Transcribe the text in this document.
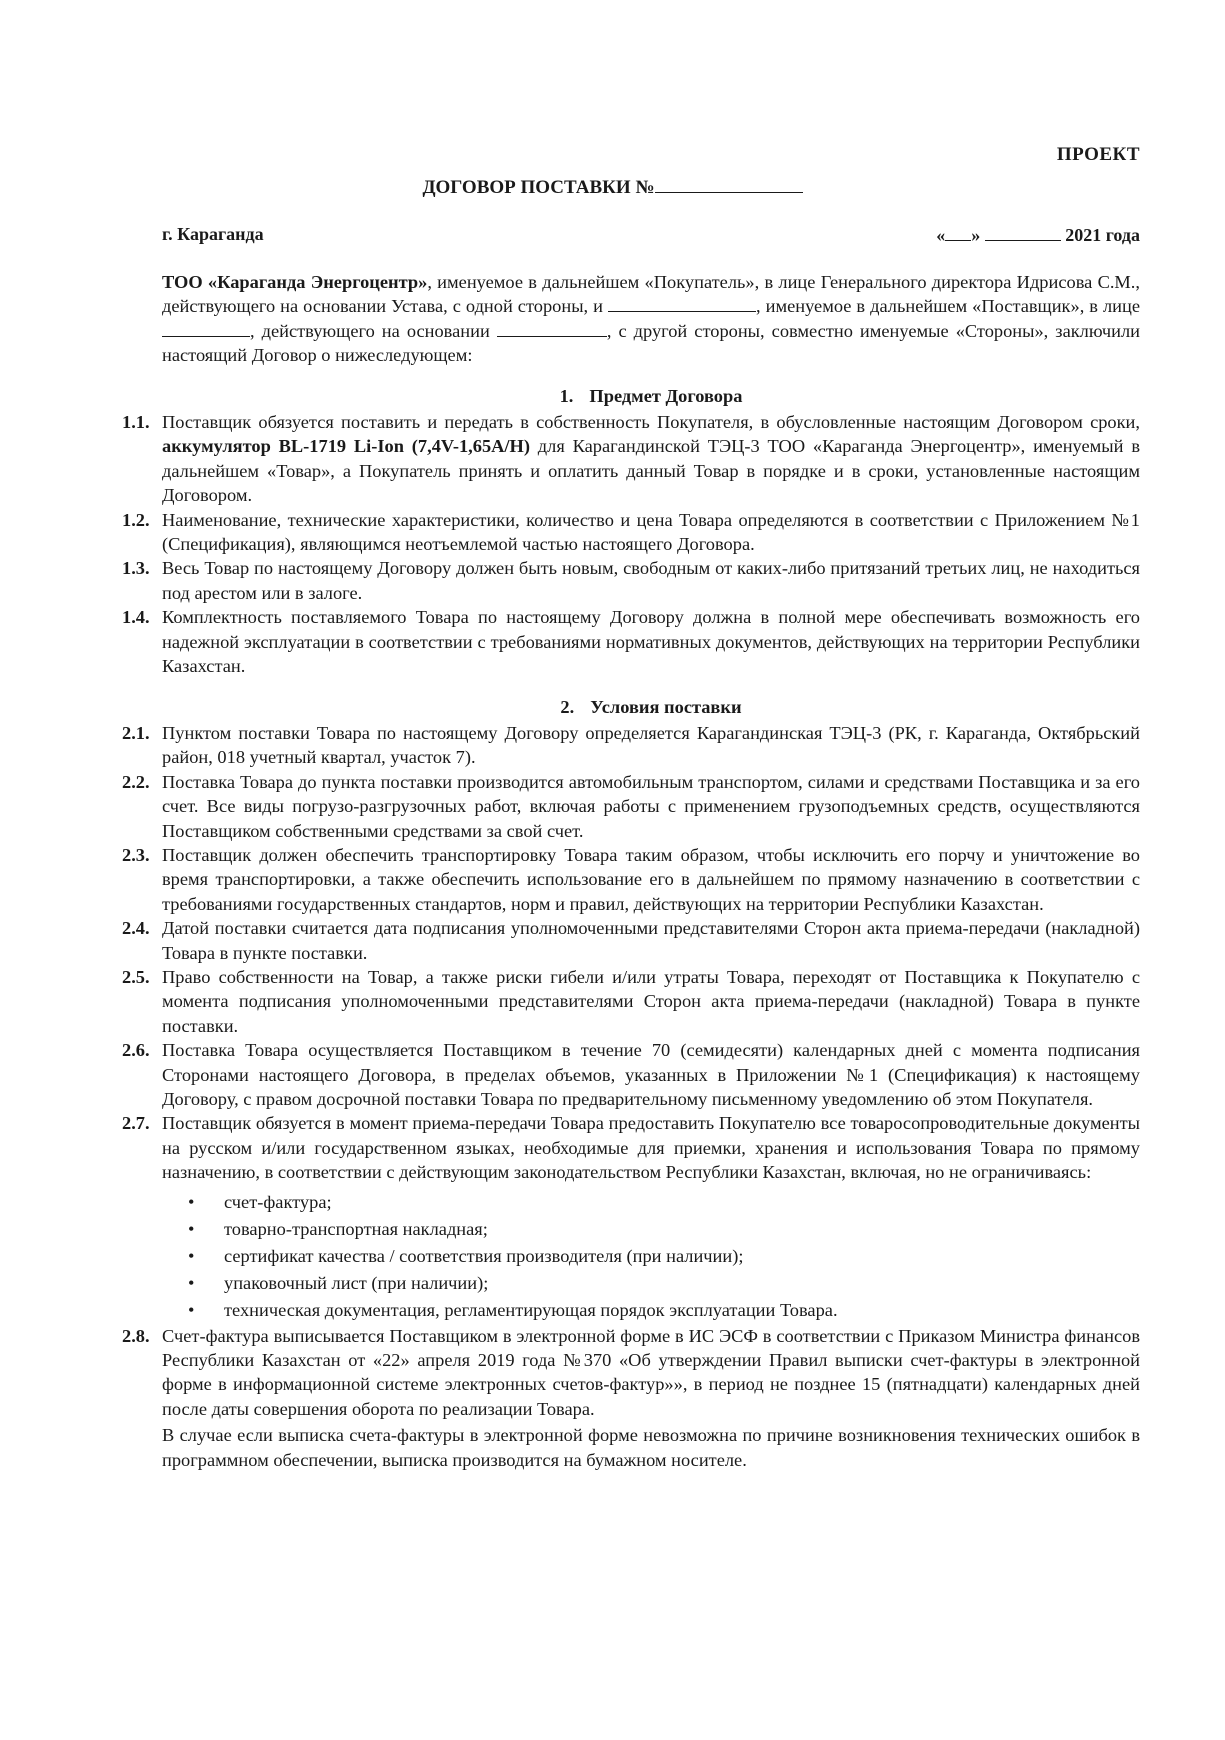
ПРОЕКТ
ДОГОВОР ПОСТАВКИ №
г. Караганда	« »	2021 года

ТОО «Караганда Энергоцентр», именуемое в дальнейшем «Покупатель», в лице Генерального директора Идрисова С.М., действующего на основании Устава, с одной стороны, и	, именуемое в дальнейшем «Поставщик», в лице , действующего на основании	, с другой стороны, совместно именуемые «Стороны», заключили настоящий Договор о нижеследующем:

1. Предмет Договора
1.1. Поставщик обязуется поставить и передать в собственность Покупателя, в обусловленные настоящим Договором сроки, аккумулятор BL-1719 Li-Ion (7,4V-1,65A/H) для Карагандинской ТЭЦ-3 ТОО «Караганда Энергоцентр», именуемый в дальнейшем «Товар», а Покупатель принять и оплатить данный Товар в порядке и в сроки, установленные настоящим Договором.
1.2. Наименование, технические характеристики, количество и цена Товара определяются в соответствии с Приложением №1 (Спецификация), являющимся неотъемлемой частью настоящего Договора.
1.3. Весь Товар по настоящему Договору должен быть новым, свободным от каких-либо притязаний третьих лиц, не находиться под арестом или в залоге.
1.4. Комплектность поставляемого Товара по настоящему Договору должна в полной мере обеспечивать возможность его надежной эксплуатации в соответствии с требованиями нормативных документов, действующих на территории Республики Казахстан.
2. Условия поставки
2.1. Пунктом поставки Товара по настоящему Договору определяется Карагандинская ТЭЦ-3 (РК, г. Караганда, Октябрьский район, 018 учетный квартал, участок 7).
2.2. Поставка Товара до пункта поставки производится автомобильным транспортом, силами и средствами Поставщика и за его счет. Все виды погрузо-разгрузочных работ, включая работы с применением грузоподъемных средств, осуществляются Поставщиком собственными средствами за свой счет.
2.3. Поставщик должен обеспечить транспортировку Товара таким образом, чтобы исключить его порчу и уничтожение во время транспортировки, а также обеспечить использование его в дальнейшем по прямому назначению в соответствии с требованиями государственных стандартов, норм и правил, действующих на территории Республики Казахстан.
2.4. Датой поставки считается дата подписания уполномоченными представителями Сторон акта приема-передачи (накладной) Товара в пункте поставки.
2.5. Право собственности на Товар, а также риски гибели и/или утраты Товара, переходят от Поставщика к Покупателю с момента подписания уполномоченными представителями Сторон акта приема-передачи (накладной) Товара в пункте поставки.
2.6. Поставка Товара осуществляется Поставщиком в течение 70 (семидесяти) календарных дней с момента подписания Сторонами настоящего Договора, в пределах объемов, указанных в Приложении №1 (Спецификация) к настоящему Договору, с правом досрочной поставки Товара по предварительному письменному уведомлению об этом Покупателя.
2.7. Поставщик обязуется в момент приема-передачи Товара предоставить Покупателю все товаросопроводительные документы на русском и/или государственном языках, необходимые для приемки, хранения и использования Товара по прямому назначению, в соответствии с действующим законодательством Республики Казахстан, включая, но не ограничиваясь:
• счет-фактура;
• товарно-транспортная накладная;
• сертификат качества / соответствия производителя (при наличии);
• упаковочный лист (при наличии);
• техническая документация, регламентирующая порядок эксплуатации Товара.
2.8. Счет-фактура выписывается Поставщиком в электронной форме в ИС ЭСФ в соответствии с Приказом Министра финансов Республики Казахстан от «22» апреля 2019 года №370 «Об утверждении Правил выписки счет-фактуры в электронной форме в информационной системе электронных счетов-фактур»», в период не позднее 15 (пятнадцати) календарных дней после даты совершения оборота по реализации Товара.
В случае если выписка счета-фактуры в электронной форме невозможна по причине возникновения технических ошибок в программном обеспечении, выписка производится на бумажном носителе.
